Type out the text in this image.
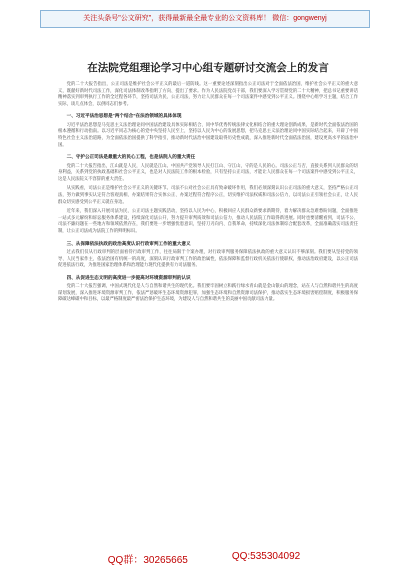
关注头条号"公文研究"，获得最新最全最专业的公文资料库！ 微信：gongwenyj
在法院党组理论学习中心组专题研讨交流会上的发言

党的二十大报告指出，公正司法是维护社会公平正义的最后一道防线。这一重要论述深刻指出公正司法对于全面依法治国、维护社会公平正义的重大意义，既献好新时代司法工作，深化司法体制改革指明了方向、提出了要求。作为人民法院党员干部，我们要深入学习贯彻党的二十大精神，把总书记重要讲话精神落实到审判执行工作的全过程各环节，坚持司法为民、公正司法，努力让人民群众在每一个司法案件中感受到公平正义。围绕中心组学习主题，结合工作实际，谈几点体会，以供同志们参考。

一、习近平法治思想是“两个结合”在法治领域的具体体现

习近平法治思想是马克思主义法治理论同中国法治建设具体实际相结合、同中华优秀传统法律文化相结合的重大理论创新成果，是新时代全面依法治国的根本遵循和行动指南。以习近平同志为核心的党中央坚持人民至上，坚持以人民为中心的发展思想，把马克思主义法治理论同中国实际结合起来，开辟了中国特色社会主义法治道路，为全面依法治国提供了科学指引，推动新时代法治中国建设取得历史性成就，深入推进新时代全面依法治国，建设更高水平的法治中国。

二、守护公正司法是最重大的民心工程，也是法院人的重大责任

党的二十大报告指出，江山就是人民，人民就是江山。中国共产党领导人民打江山、守江山，守的是人民的心。司法公正与否，直接关系到人民群众的切身利益，关系到党的执政基础和社会公平正义，也是对人民法院工作的根本检验，只有坚持公正司法，才能让人民群众在每一个司法案件中感受到公平正义，这是人民法院义不容辞的重大责任。

从实践看，司法公正是维护社会公平正义的关键环节。司法不公对社会公正具有致命破坏作用，我们必须深刻认识公正司法的重大意义，坚持严格公正司法，努力做到事实认定符合客观真相、办案结果符合实体公正、办案过程符合程序公正，切实维护司法权威和司法公信力，以司法公正引领社会公正，让人民群众切实感受到公平正义就在身边。

近年来，我们深入开展司法为民、公正司法主题实践活动，坚持以人民为中心，积极回应人民群众新要求新期待，着力解决群众急难愁盼问题，全面推进一站式多元解纷和诉讼服务体系建设，持续深化司法公开，努力提升审判质效和司法公信力，推动人民法院工作取得新进展。同时也要清醒看到，司法不公、司法不廉问题在一些地方和领域依然存在，我们要进一步增强忧患意识，坚持刀刃向内、自我革命，持续深化司法体制综合配套改革，全面准确落实司法责任制，让公正司法成为法院工作的鲜明标识。

三、从保障依法执政的政治高度认识行政审判工作的重大意义

过去我们仅从行政审判的层面看待行政审判工作，往往局限于个案办理，对行政审判服务保障依法执政的重大意义认识不够深刻。我们要从坚持党的领导、人民当家作主、依法治国有机统一的高度，深刻认识行政审判工作的政治属性，依法保障和监督行政机关依法行使职权，推动法治政府建设，以公正司法促进依法行政，为推进国家治理体系和治理能力现代化提供有力司法服务。

四、从促进生态文明的高度进一步提高对环境资源审判的认识

党的二十大报告强调，中国式现代化是人与自然和谐共生的现代化。我们要牢固树立和践行绿水青山就是金山银山的理念，站在人与自然和谐共生的高度谋划发展，深入推进环境资源审判工作，依法严惩破坏生态环境资源犯罪，加强生态环境和自然资源司法保护，推动落实生态环境损害赔偿制度，积极服务保障碳达峰碳中和目标，以最严格制度最严密法治保护生态环境，为建设人与自然和谐共生的美丽中国贡献司法力量。

QQ群：30265665	QQ:535304092
